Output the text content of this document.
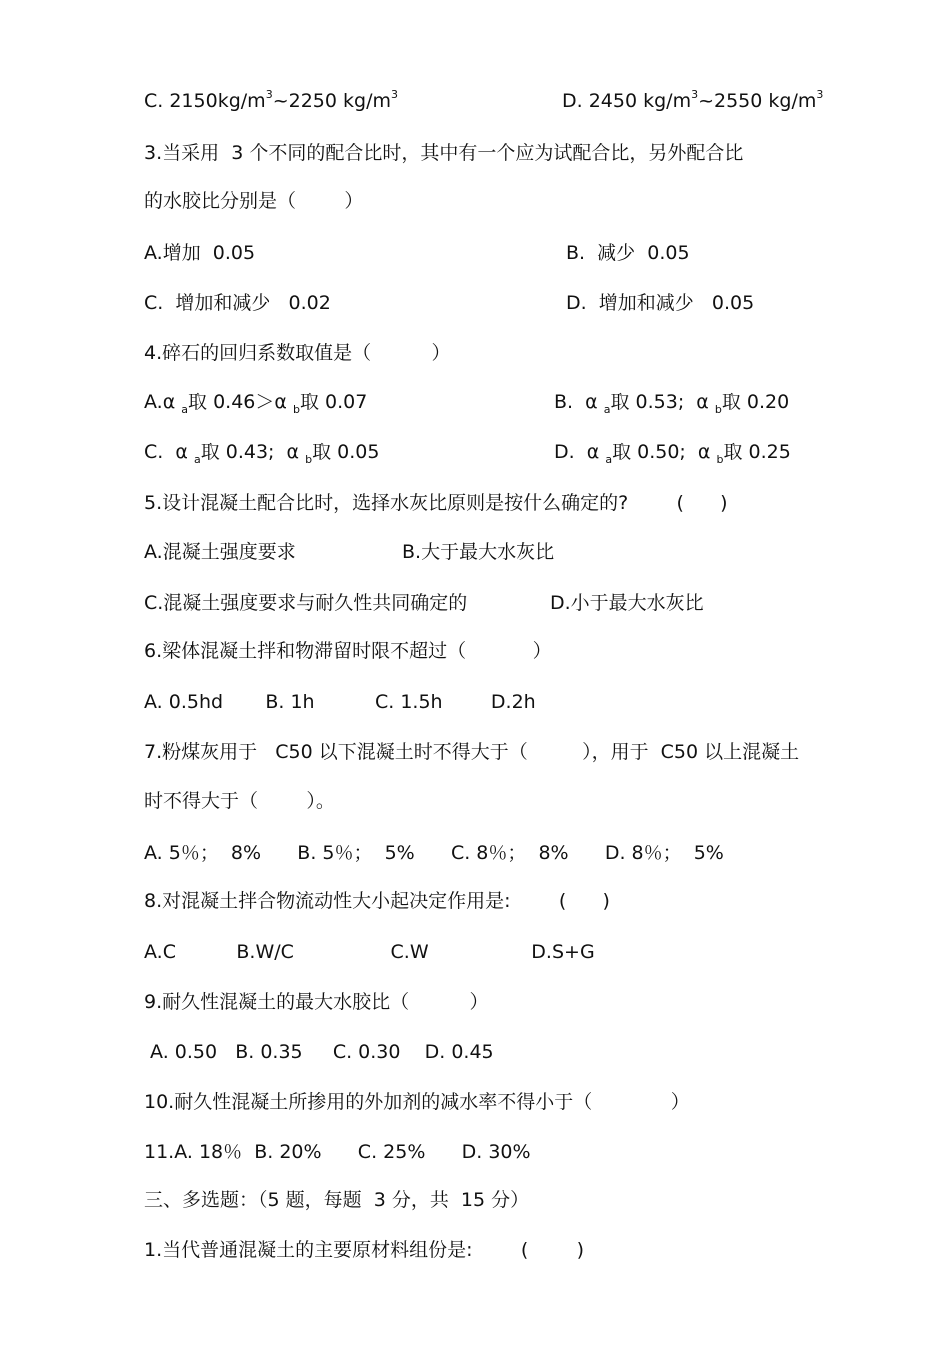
C. $2150kg/m^3\sim 2250$ $kg/m^3$	D. 2450 $kg/m^3\sim 2550$ $kg/m^3$
3.当采用  3 个不同的配合比时，其中有一个应为试配合比，另外配合比
的水胶比分别是（        ）
A.增加  0.05	B.  减少  0.05
C.  增加和减少   0.02	D.  增加和减少   0.05
4.碎石的回归系数取值是（          ）
A.α $_a$取 0.46＞α $_b$取 0.07	B.  α $_a$取 0.53;  α $_b$取 0.20
C.  α $_a$取 0.43;  α $_b$取 0.05	D.  α $_a$取 0.50;  α $_b$取 0.25
5.设计混凝土配合比时，选择水灰比原则是按什么确定的?        (      )
A.混凝土强度要求	B.大于最大水灰比
C.混凝土强度要求与耐久性共同确定的	D.小于最大水灰比
6.梁体混凝土拌和物滞留时限不超过（           ）
A. 0.5hd       B. 1h          C. 1.5h        D.2h
7.粉煤灰用于   C50 以下混凝土时不得大于（         ），用于  C50 以上混凝土
时不得大于（        ）。
A. 5％；  8%      B. 5％；  5%      C. 8％；  8%      D. 8％；  5%
8.对混凝土拌合物流动性大小起决定作用是:        (      )
A.C          B.W/C                C.W                 D.S+G
9.耐久性混凝土的最大水胶比（          ）
A. 0.50   B. 0.35     C. 0.30    D. 0.45
10.耐久性混凝土所掺用的外加剂的减水率不得小于（             ）
11.A. 18％  B. 20%      C. 25%      D. 30%
三、多选题：（5 题，每题  3 分，共  15 分）
1.当代普通混凝土的主要原材料组份是:        (        )
